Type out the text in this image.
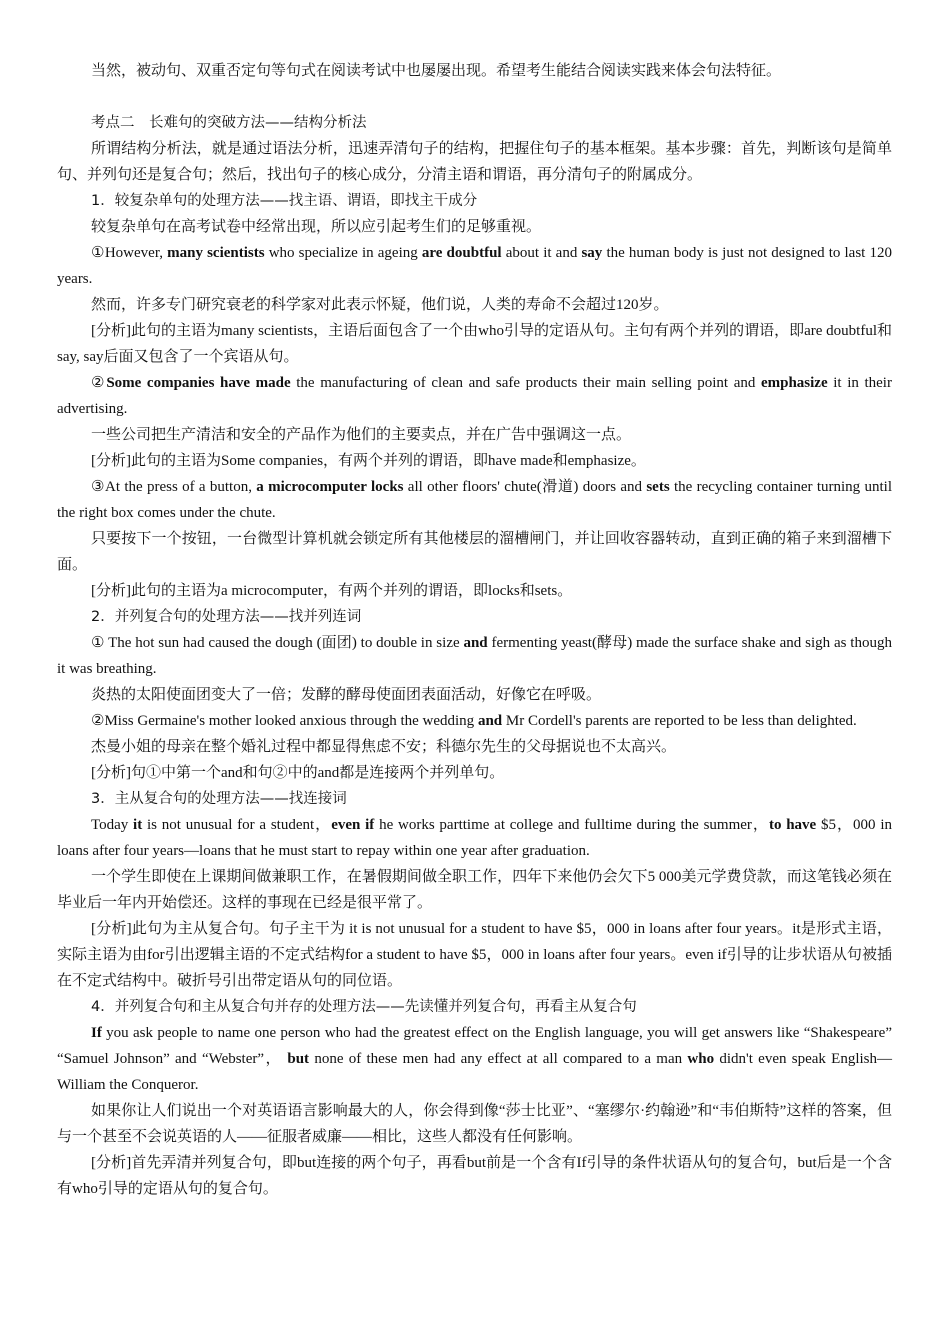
当然，被动句、双重否定句等句式在阅读考试中也屡屡出现。希望考生能结合阅读实践来体会句法特征。
考点二　长难句的突破方法——结构分析法
所谓结构分析法，就是通过语法分析，迅速弄清句子的结构，把握住句子的基本框架。基本步骤：首先，判断该句是简单句、并列句还是复合句；然后，找出句子的核心成分，分清主语和谓语，再分清句子的附属成分。
1．较复杂单句的处理方法——找主语、谓语，即找主干成分
较复杂单句在高考试卷中经常出现，所以应引起考生们的足够重视。
①However, many scientists who specialize in ageing are doubtful about it and say the human body is just not designed to last 120 years.
然而，许多专门研究衰老的科学家对此表示怀疑，他们说，人类的寿命不会超过120岁。
[分析]此句的主语为many scientists，主语后面包含了一个由who引导的定语从句。主句有两个并列的谓语，即are doubtful和say, say后面又包含了一个宾语从句。
②Some companies have made the manufacturing of clean and safe products their main selling point and emphasize it in their advertising.
一些公司把生产清洁和安全的产品作为他们的主要卖点，并在广告中强调这一点。
[分析]此句的主语为Some companies，有两个并列的谓语，即have made和emphasize。
③At the press of a button, a microcomputer locks all other floors' chute(滑道) doors and sets the recycling container turning until the right box comes under the chute.
只要按下一个按钮，一台微型计算机就会锁定所有其他楼层的溜槽闸门，并让回收容器转动，直到正确的箱子来到溜槽下面。
[分析]此句的主语为a microcomputer，有两个并列的谓语，即locks和sets。
2．并列复合句的处理方法——找并列连词
① The hot sun had caused the dough (面团) to double in size and fermenting yeast(酵母) made the surface shake and sigh as though it was breathing.
炎热的太阳使面团变大了一倍；发酵的酵母使面团表面活动，好像它在呼吸。
②Miss Germaine's mother looked anxious through the wedding and Mr Cordell's parents are reported to be less than delighted.
杰曼小姐的母亲在整个婚礼过程中都显得焦虑不安；科德尔先生的父母据说也不太高兴。
[分析]句①中第一个and和句②中的and都是连接两个并列单句。
3．主从复合句的处理方法——找连接词
Today it is not unusual for a student，even if he works parttime at college and fulltime during the summer，to have $5，000 in loans after four years—loans that he must start to repay within one year after graduation.
一个学生即使在上课期间做兼职工作，在暑假期间做全职工作，四年下来他仍会欠下5 000美元学费贷款，而这笔钱必须在毕业后一年内开始偿还。这样的事现在已经是很平常了。
[分析]此句为主从复合句。句子主干为 it is not unusual for a student to have $5，000 in loans after four years。it是形式主语，实际主语为由for引出逻辑主语的不定式结构for a student to have $5，000 in loans after four years。even if引导的让步状语从句被插在不定式结构中。破折号引出带定语从句的同位语。
4．并列复合句和主从复合句并存的处理方法——先读懂并列复合句，再看主从复合句
If you ask people to name one person who had the greatest effect on the English language, you will get answers like “Shakespeare” “Samuel Johnson” and “Webster”， but none of these men had any effect at all compared to a man who didn't even speak English—William the Conqueror.
如果你让人们说出一个对英语语言影响最大的人，你会得到像“莎士比亚”、“塞缪尔·约翰逊”和“韦伯斯特”这样的答案，但与一个甚至不会说英语的人——征服者威廉——相比，这些人都没有任何影响。
[分析]首先弄清并列复合句，即but连接的两个句子，再看but前是一个含有If引导的条件状语从句的复合句，but后是一个含有who引导的定语从句的复合句。
